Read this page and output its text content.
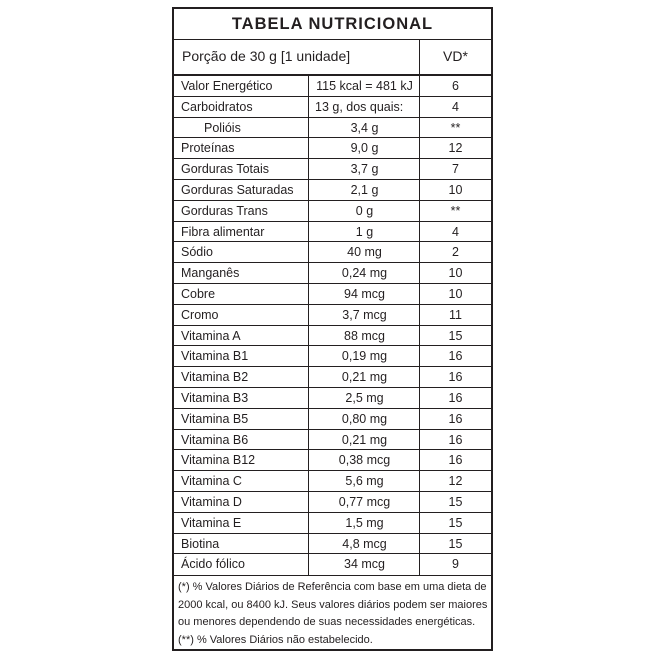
TABELA NUTRICIONAL
Porção de 30 g [1 unidade]	VD*
Valor Energético	115 kcal = 481 kJ	6
Carboidratos	13 g, dos quais:	4
Polióis	3,4 g	**
Proteínas	9,0 g	12
Gorduras Totais	3,7 g	7
Gorduras Saturadas	2,1 g	10
Gorduras Trans	0 g	**
Fibra alimentar	1 g	4
Sódio	40 mg	2
Manganês	0,24 mg	10
Cobre	94 mcg	10
Cromo	3,7 mcg	11
Vitamina A	88 mcg	15
Vitamina B1	0,19 mg	16
Vitamina B2	0,21 mg	16
Vitamina B3	2,5 mg	16
Vitamina B5	0,80 mg	16
Vitamina B6	0,21 mg	16
Vitamina B12	0,38 mcg	16
Vitamina C	5,6 mg	12
Vitamina D	0,77 mcg	15
Vitamina E	1,5 mg	15
Biotina	4,8 mcg	15
Ácido fólico	34 mcg	9

(*) % Valores Diários de Referência com base em uma dieta de

2000 kcal, ou 8400 kJ. Seus valores diários podem ser maiores

ou menores dependendo de suas necessidades energéticas.

(**) % Valores Diários não estabelecido.
